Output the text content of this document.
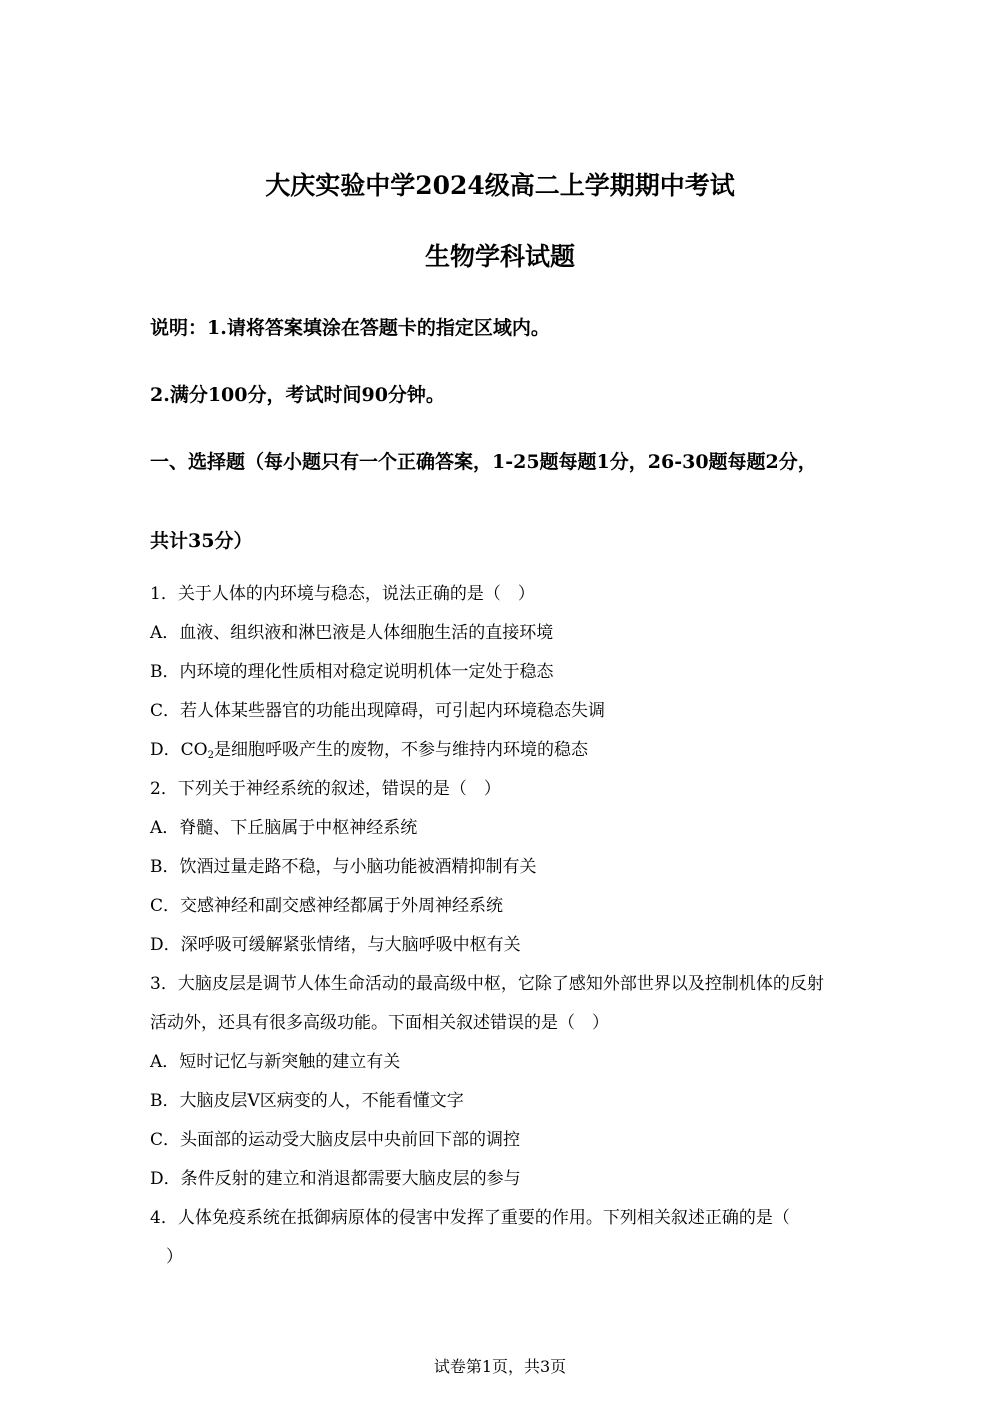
大庆实验中学2024级高二上学期期中考试
生物学科试题
说明：1.请将答案填涂在答题卡的指定区域内。
2.满分100分，考试时间90分钟。
一、选择题（每小题只有一个正确答案，1-25题每题1分，26-30题每题2分，
共计35分）
1．关于人体的内环境与稳态，说法正确的是（　）
A．血液、组织液和淋巴液是人体细胞生活的直接环境
B．内环境的理化性质相对稳定说明机体一定处于稳态
C．若人体某些器官的功能出现障碍，可引起内环境稳态失调
D．$CO_2$是细胞呼吸产生的废物，不参与维持内环境的稳态
2．下列关于神经系统的叙述，错误的是（　）
A．脊髓、下丘脑属于中枢神经系统
B．饮酒过量走路不稳，与小脑功能被酒精抑制有关
C．交感神经和副交感神经都属于外周神经系统
D．深呼吸可缓解紧张情绪，与大脑呼吸中枢有关
3．大脑皮层是调节人体生命活动的最高级中枢，它除了感知外部世界以及控制机体的反射
活动外，还具有很多高级功能。下面相关叙述错误的是（　）
A．短时记忆与新突触的建立有关
B．大脑皮层V区病变的人，不能看懂文字
C．头面部的运动受大脑皮层中央前回下部的调控
D．条件反射的建立和消退都需要大脑皮层的参与
4．人体免疫系统在抵御病原体的侵害中发挥了重要的作用。下列相关叙述正确的是（
）
试卷第1页，共3页
